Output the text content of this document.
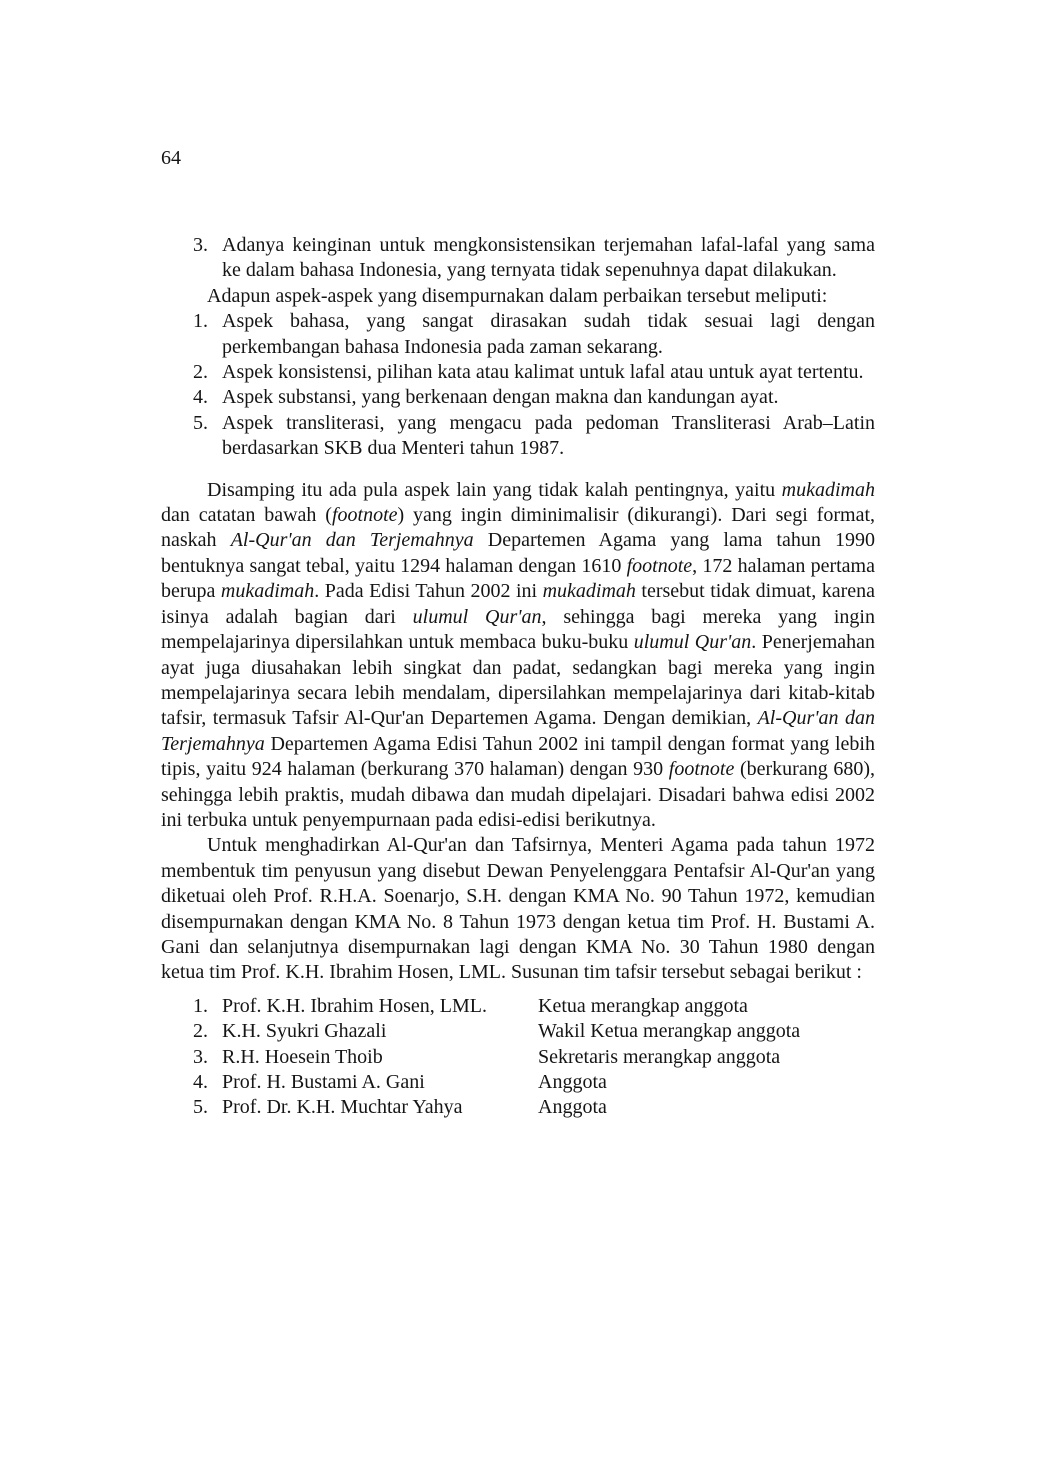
64
3. Adanya keinginan untuk mengkonsistensikan terjemahan lafal-lafal yang sama ke dalam bahasa Indonesia, yang ternyata tidak sepenuhnya dapat dilakukan.

Adapun aspek-aspek yang disempurnakan dalam perbaikan tersebut meliputi:

1. Aspek bahasa, yang sangat dirasakan sudah tidak sesuai lagi dengan perkembangan bahasa Indonesia pada zaman sekarang.
2. Aspek konsistensi, pilihan kata atau kalimat untuk lafal atau untuk ayat tertentu.
4. Aspek substansi, yang berkenaan dengan makna dan kandungan ayat.
5. Aspek transliterasi, yang mengacu pada pedoman Transliterasi Arab–Latin berdasarkan SKB dua Menteri tahun 1987.

Disamping itu ada pula aspek lain yang tidak kalah pentingnya, yaitu mukadimah dan catatan bawah (footnote) yang ingin diminimalisir (dikurangi). Dari segi format, naskah Al-Qur'an dan Terjemahnya Departemen Agama yang lama tahun 1990 bentuknya sangat tebal, yaitu 1294 halaman dengan 1610 footnote, 172 halaman pertama berupa mukadimah. Pada Edisi Tahun 2002 ini mukadimah tersebut tidak dimuat, karena isinya adalah bagian dari ulumul Qur'an, sehingga bagi mereka yang ingin mempelajarinya dipersilahkan untuk membaca buku-buku ulumul Qur'an. Penerjemahan ayat juga diusahakan lebih singkat dan padat, sedangkan bagi mereka yang ingin mempelajarinya secara lebih mendalam, dipersilahkan mempelajarinya dari kitab-kitab tafsir, termasuk Tafsir Al-Qur'an Departemen Agama. Dengan demikian, Al-Qur'an dan Terjemahnya Departemen Agama Edisi Tahun 2002 ini tampil dengan format yang lebih tipis, yaitu 924 halaman (berkurang 370 halaman) dengan 930 footnote (berkurang 680), sehingga lebih praktis, mudah dibawa dan mudah dipelajari. Disadari bahwa edisi 2002 ini terbuka untuk penyempurnaan pada edisi-edisi berikutnya.

Untuk menghadirkan Al-Qur'an dan Tafsirnya, Menteri Agama pada tahun 1972 membentuk tim penyusun yang disebut Dewan Penyelenggara Pentafsir Al-Qur'an yang diketuai oleh Prof. R.H.A. Soenarjo, S.H. dengan KMA No. 90 Tahun 1972, kemudian disempurnakan dengan KMA No. 8 Tahun 1973 dengan ketua tim Prof. H. Bustami A. Gani dan selanjutnya disempurnakan lagi dengan KMA No. 30 Tahun 1980 dengan ketua tim Prof. K.H. Ibrahim Hosen, LML. Susunan tim tafsir tersebut sebagai berikut :

1. Prof. K.H. Ibrahim Hosen, LML.	Ketua merangkap anggota
2. K.H. Syukri Ghazali	Wakil Ketua merangkap anggota
3. R.H. Hoesein Thoib	Sekretaris merangkap anggota
4. Prof. H. Bustami A. Gani	Anggota
5. Prof. Dr. K.H. Muchtar Yahya	Anggota
